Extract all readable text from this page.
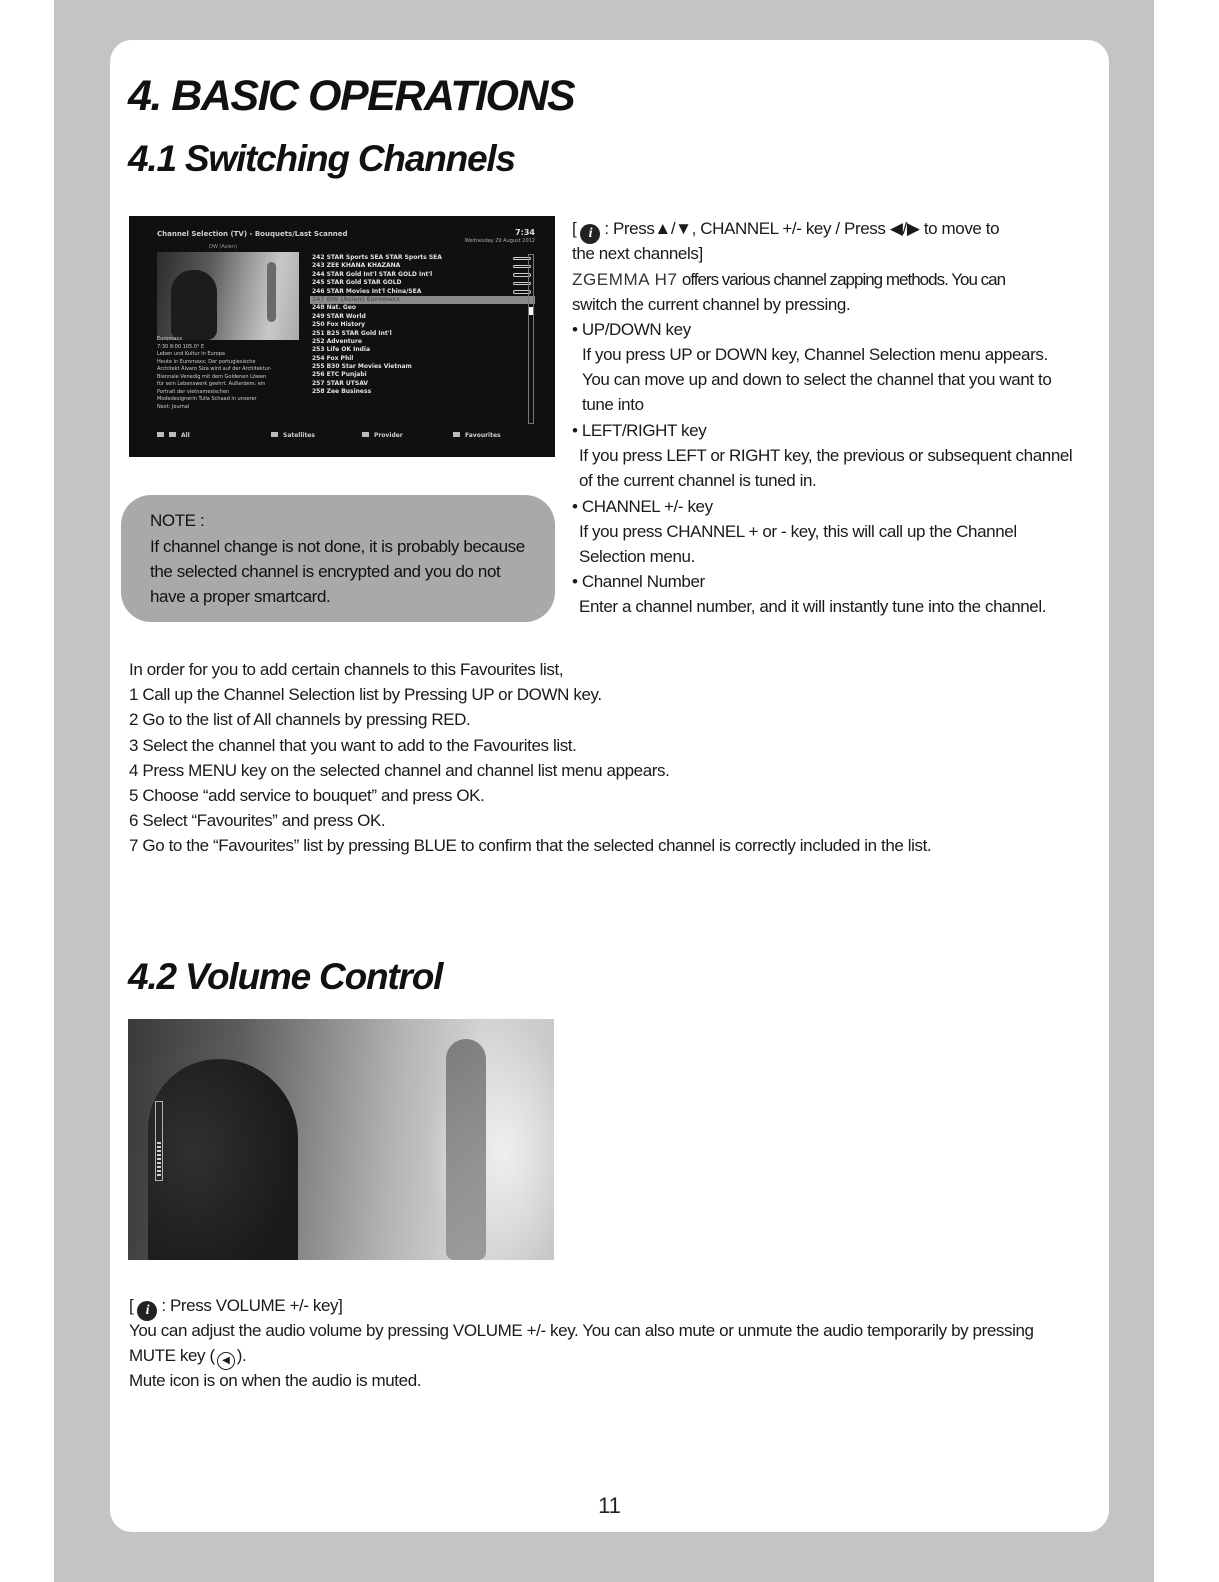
4. BASIC OPERATIONS
4.1 Switching Channels
Channel Selection (TV) - Bouquets/Last Scanned	7:34
Wednesday 29 August 2012
DW (Asien)
242 STAR Sports SEA STAR Sports SEA
243 ZEE KHANA KHAZANA
244 STAR Gold Int'l STAR GOLD Int'l
245 STAR Gold STAR GOLD
246 STAR Movies Int'l China/SEA
247 DW (Asien) Euromaxx
248 Nat. Geo
249 STAR World
250 Fox History
251 B25 STAR Gold Int'l
252 Adventure
253 Life OK India
254 Fox Phil
255 B30 Star Movies Vietnam
256 ETC Punjabi
257 STAR UTSAV
258 Zee Business
Euromaxx
7:30 8:00 105.0° E
Leben und Kultur in Europa
Heute in Euromaxx: Der portugiesische
Architekt Álvaro Siza wird auf der Architektur-
Biennale Venedig mit dem Goldenen Löwen
für sein Lebenswerk geehrt. Außerdem: ein
Portrait der vietnamesischen
Modedesignerin Tuila Schaad in unserer
Next: Journal
All	Satellites	Provider	Favourites
[ i : Press▲/▼, CHANNEL +/- key / Press ◀/▶ to move to
the next channels]
ZGEMMA H7 offers various channel zapping methods. You can
switch the current channel by pressing.
• UP/DOWN key
If you press UP or DOWN key, Channel Selection menu appears.
You can move up and down to select the channel that you want to
tune into
• LEFT/RIGHT key
If you press LEFT or RIGHT key, the previous or subsequent channel
of the current channel is tuned in.
• CHANNEL +/- key
If you press CHANNEL + or - key, this will call up the Channel
Selection menu.
• Channel Number
Enter a channel number, and it will instantly tune into the channel.
NOTE :
If channel change is not done, it is probably because
the selected channel is encrypted and you do not
have a proper smartcard.
In order for you to add certain channels to this Favourites list,
1 Call up the Channel Selection list by Pressing UP or DOWN key.
2 Go to the list of All channels by pressing RED.
3 Select the channel that you want to add to the Favourites list.
4 Press MENU key on the selected channel and channel list menu appears.
5 Choose “add service to bouquet” and press OK.
6 Select “Favourites” and press OK.
7 Go to the “Favourites” list by pressing BLUE to confirm that the selected channel is correctly included in the list.
4.2 Volume Control
[ i : Press VOLUME +/- key]
You can adjust the audio volume by pressing VOLUME +/- key. You can also mute or unmute the audio temporarily by pressing
MUTE key ( ◀ ).
Mute icon is on when the audio is muted.
11
